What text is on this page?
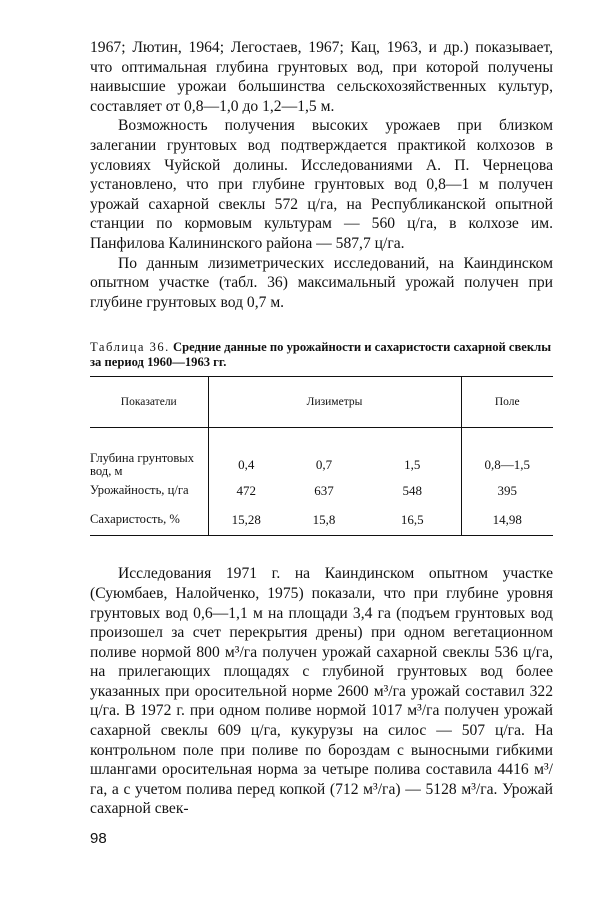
1967; Лютин, 1964; Легостаев, 1967; Кац, 1963, и др.) показывает, что оптимальная глубина грунтовых вод, при которой получены наивысшие урожаи большинства сельскохозяйственных культур, составляет от 0,8—1,0 до 1,2—1,5 м.

Возможность получения высоких урожаев при близком залегании грунтовых вод подтверждается практикой колхозов в условиях Чуйской долины. Исследованиями А. П. Чернецова установлено, что при глубине грунтовых вод 0,8—1 м получен урожай сахарной свеклы 572 ц/га, на Республиканской опытной станции по кормовым культурам — 560 ц/га, в колхозе им. Панфилова Калининского района — 587,7 ц/га.

По данным лизиметрических исследований, на Каиндинском опытном участке (табл. 36) максимальный урожай получен при глубине грунтовых вод 0,7 м.

Таблица 36. Средние данные по урожайности и сахаристости сахарной свеклы за период 1960—1963 гг.
Показатели	Лизиметры			Поле

Глубина грунтовых вод, м	0,4	0,7	1,5	0,8—1,5
Урожайность, ц/га	472	637	548	395
Сахаристость, %	15,28	15,8	16,5	14,98

Исследования 1971 г. на Каиндинском опытном участке (Суюмбаев, Налойченко, 1975) показали, что при глубине уровня грунтовых вод 0,6—1,1 м на площади 3,4 га (подъем грунтовых вод произошел за счет перекрытия дрены) при одном вегетационном поливе нормой 800 м³/га получен урожай сахарной свеклы 536 ц/га, на прилегающих площадях с глубиной грунтовых вод более указанных при оросительной норме 2600 м³/га урожай составил 322 ц/га. В 1972 г. при одном поливе нормой 1017 м³/га получен урожай сахарной свеклы 609 ц/га, кукурузы на силос — 507 ц/га. На контрольном поле при поливе по бороздам с выносными гибкими шлангами оросительная норма за четыре полива составила 4416 м³/га, а с учетом полива перед копкой (712 м³/га) — 5128 м³/га. Урожай сахарной свек-

98
